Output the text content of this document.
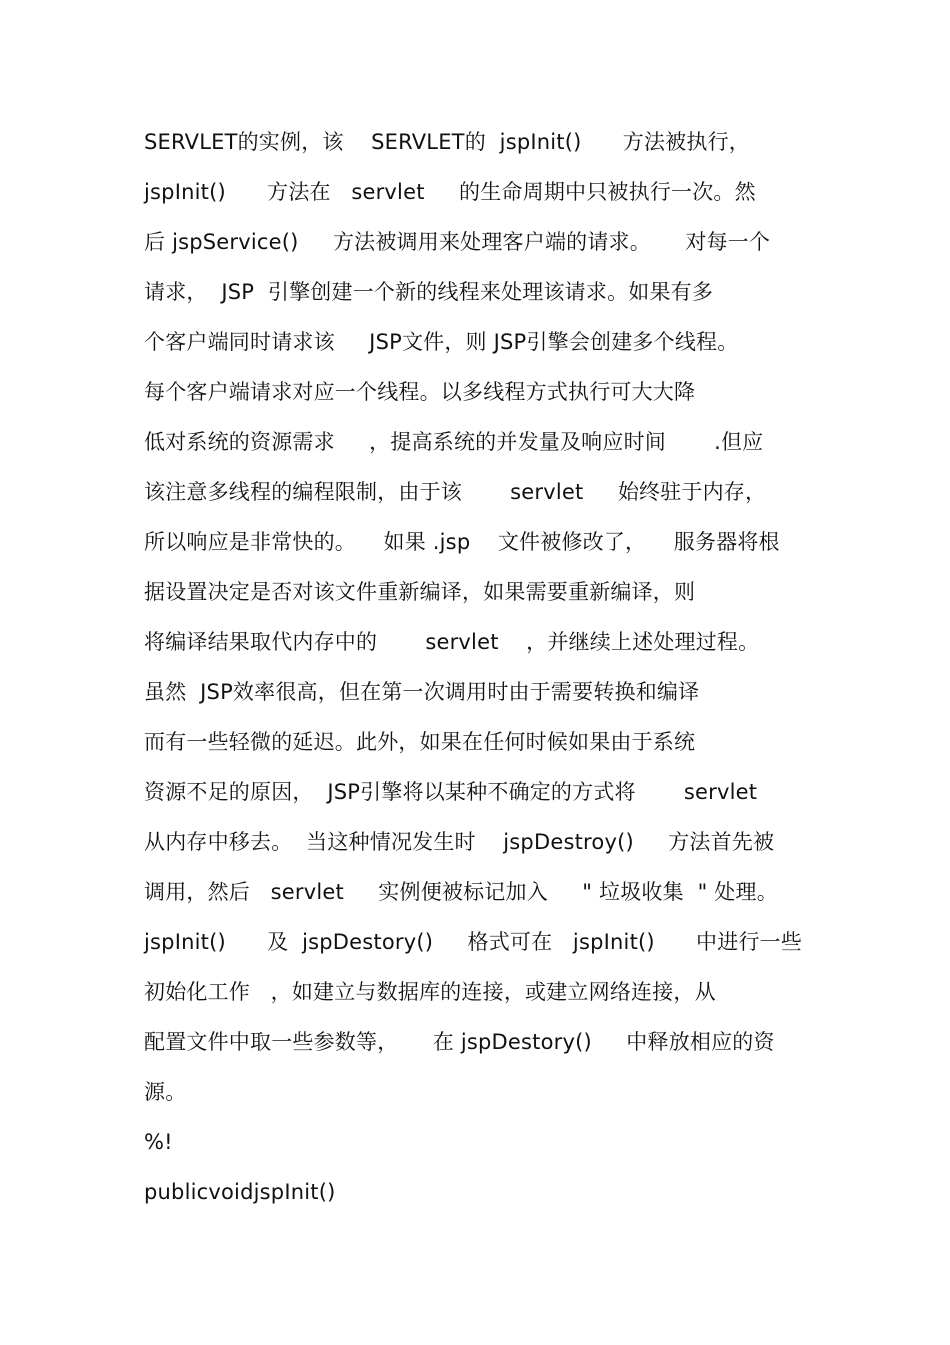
SERVLET的实例，该    SERVLET的  jspInit()      方法被执行，
jspInit()      方法在   servlet     的生命周期中只被执行一次。然
后 jspService()     方法被调用来处理客户端的请求。     对每一个
请求，  JSP  引擎创建一个新的线程来处理该请求。如果有多
个客户端同时请求该     JSP文件，则 JSP引擎会创建多个线程。
每个客户端请求对应一个线程。以多线程方式执行可大大降
低对系统的资源需求     ，提高系统的并发量及响应时间       .但应
该注意多线程的编程限制，由于该       servlet     始终驻于内存，
所以响应是非常快的。    如果 .jsp    文件被修改了，    服务器将根
据设置决定是否对该文件重新编译，如果需要重新编译，则
将编译结果取代内存中的       servlet    ，并继续上述处理过程。
虽然  JSP效率很高，但在第一次调用时由于需要转换和编译
而有一些轻微的延迟。此外，如果在任何时候如果由于系统
资源不足的原因，  JSP引擎将以某种不确定的方式将       servlet
从内存中移去。  当这种情况发生时    jspDestroy()     方法首先被
调用，然后   servlet     实例便被标记加入     " 垃圾收集  " 处理。
jspInit()      及  jspDestory()     格式可在   jspInit()      中进行一些
初始化工作   ，如建立与数据库的连接，或建立网络连接，从
配置文件中取一些参数等，     在 jspDestory()     中释放相应的资
源。
%!
publicvoidjspInit()
